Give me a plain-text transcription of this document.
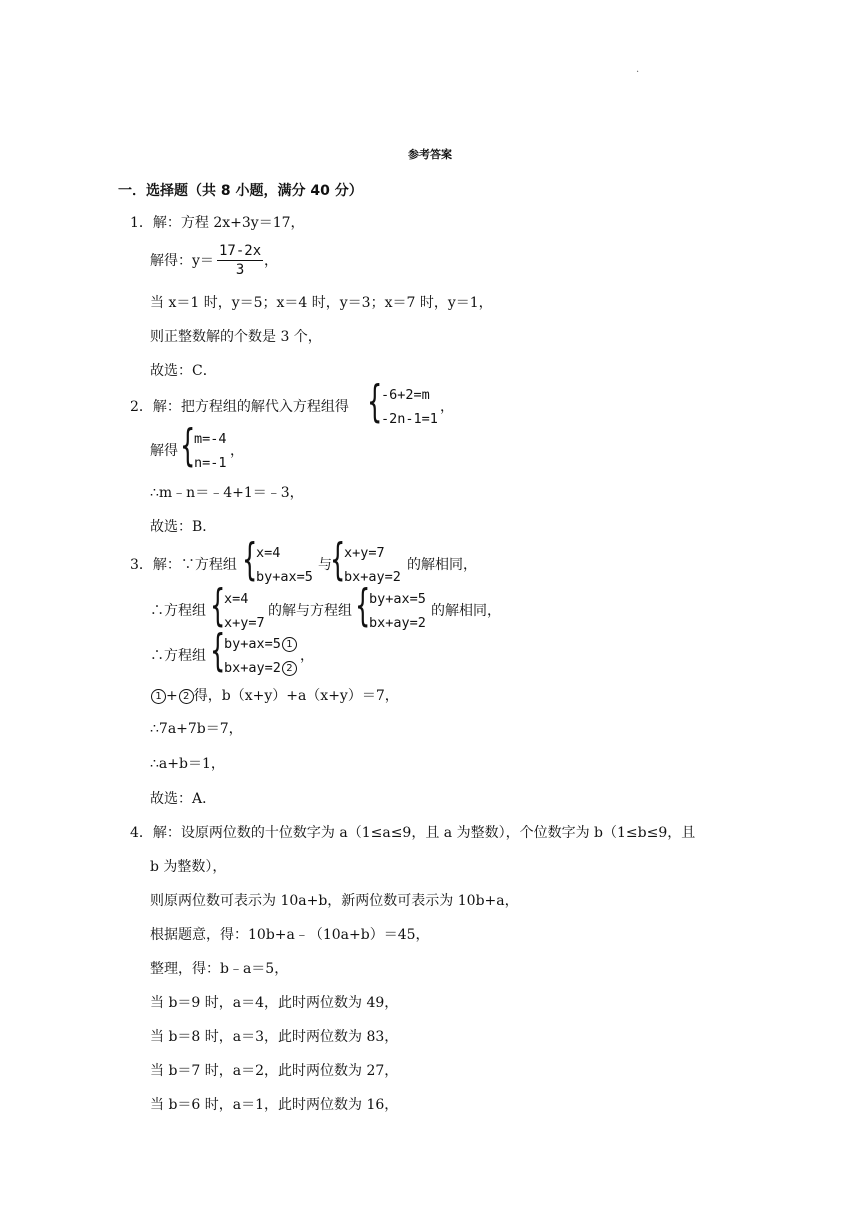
.
参考答案
一．选择题（共 8 小题，满分 40 分）
1．解：方程 2x+3y＝17，
解得：$y= \frac{17-2x}{3}$ ，
当 x＝1 时，y＝5；x＝4 时，y＝3；x＝7 时，y＝1，
则正整数解的个数是 3 个，
故选：C．
2．解：把方程组的解代入方程组得 {
-6+2=m
-2n-1=1
，
解得 {
m=-4
n=-1
，
∴m﹣n＝﹣4+1＝﹣3，
故选：B．
3．解：∵方程组 {
x=4
by+ax=5
与
{
x+y=7
bx+ay=2
的解相同，
∴方程组 {
x=4
x+y=7
的解与方程组 {
by+ax=5
bx+ay=2
的解相同，
∴方程组 {
by+ax=5 1
bx+ay=2 2
，
1 + 2 得，b（x+y）+a（x+y）＝7，
∴7a+7b＝7，
∴a+b＝1，
故选：A．
4．解：设原两位数的十位数字为 a（1≤a≤9，且 a 为整数），个位数字为 b（1≤b≤9，且
b 为整数），
则原两位数可表示为 10a+b，新两位数可表示为 10b+a，
根据题意，得：10b+a﹣（10a+b）＝45，
整理，得：b﹣a＝5，
当 b＝9 时，a＝4，此时两位数为 49，
当 b＝8 时，a＝3，此时两位数为 83，
当 b＝7 时，a＝2，此时两位数为 27，
当 b＝6 时，a＝1，此时两位数为 16，
